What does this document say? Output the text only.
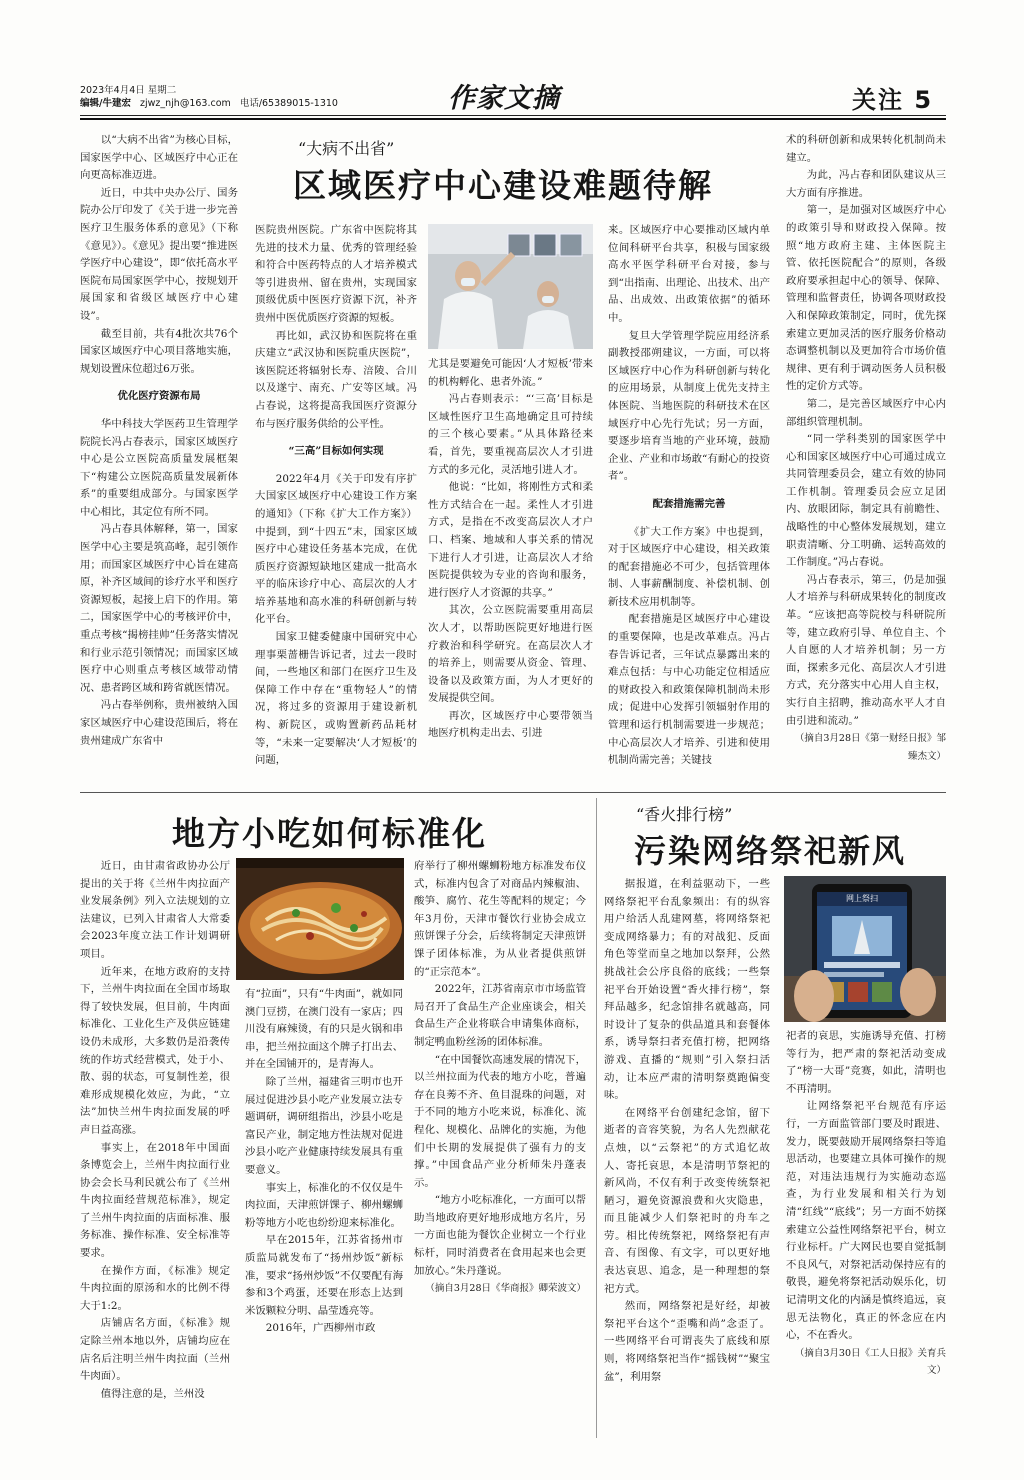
2023年4月4日 星期二
编辑/牛建宏 zjwz_njh@163.com 电话/65389015-1310	作家文摘	关注 5
“大病不出省”
区域医疗中心建设难题待解

以“大病不出省”为核心目标，国家医学中心、区域医疗中心正在向更高标准迈进。

近日，中共中央办公厅、国务院办公厅印发了《关于进一步完善医疗卫生服务体系的意见》（下称《意见》）。《意见》提出要“推进医学医疗中心建设”，即“依托高水平医院布局国家医学中心，按规划开展国家和省级区域医疗中心建设”。

截至目前，共有4批次共76个国家区域医疗中心项目落地实施，规划设置床位超过6万张。

优化医疗资源布局

华中科技大学医药卫生管理学院院长冯占春表示，国家区域医疗中心是公立医院高质量发展框架下“构建公立医院高质量发展新体系”的重要组成部分。与国家医学中心相比，其定位有所不同。

冯占春具体解释，第一，国家医学中心主要是筑高峰，起引领作用；而国家区域医疗中心旨在建高原，补齐区域间的诊疗水平和医疗资源短板，起接上启下的作用。第二，国家医学中心的考核评价中，重点考核“揭榜挂帅”任务落实情况和行业示范引领情况；而国家区域医疗中心则重点考核区域带动情况、患者跨区域和跨省就医情况。

冯占春举例称，贵州被纳入国家区域医疗中心建设范围后，将在贵州建成广东省中

医院贵州医院。广东省中医院将其先进的技术力量、优秀的管理经验和符合中医药特点的人才培养模式等引进贵州、留在贵州，实现国家顶级优质中医医疗资源下沉，补齐贵州中医优质医疗资源的短板。

再比如，武汉协和医院将在重庆建立“武汉协和医院重庆医院”，该医院还将辐射长寿、涪陵、合川以及遂宁、南充、广安等区域。冯占春说，这将提高我国医疗资源分布与医疗服务供给的公平性。

“三高”目标如何实现

2022年4月《关于印发有序扩大国家区域医疗中心建设工作方案的通知》（下称《扩大工作方案》）中提到，到“十四五”末，国家区域医疗中心建设任务基本完成，在优质医疗资源短缺地区建成一批高水平的临床诊疗中心、高层次的人才培养基地和高水准的科研创新与转化平台。

国家卫健委健康中国研究中心理事栗蔷栅告诉记者，过去一段时间，一些地区和部门在医疗卫生及保障工作中存在“重物轻人”的情况，将过多的资源用于建设新机构、新院区，或购置新药品耗材等，“未来一定要解决‘人才短板’的问题，

尤其是要避免可能因‘人才短板’带来的机构孵化、患者外流。”

冯占春则表示：“‘三高’目标是区域性医疗卫生高地确定且可持续的三个核心要素。”从具体路径来看，首先，要重视高层次人才引进方式的多元化，灵活地引进人才。

他说：“比如，将刚性方式和柔性方式结合在一起。柔性人才引进方式，是指在不改变高层次人才户口、档案、地域和人事关系的情况下进行人才引进，让高层次人才给医院提供较为专业的咨询和服务，进行医疗人才资源的共享。”

其次，公立医院需要重用高层次人才，以帮助医院更好地进行医疗救治和科学研究。在高层次人才的培养上，则需要从资金、管理、设备以及政策方面，为人才更好的发展提供空间。

再次，区域医疗中心要带领当地医疗机构走出去、引进

来。区域医疗中心要推动区域内单位间科研平台共享，积极与国家级高水平医学科研平台对接，参与到“出指南、出理论、出技术、出产品、出成效、出政策依据”的循环中。

复旦大学管理学院应用经济系副教授邵朔建议，一方面，可以将区域医疗中心作为科研创新与转化的应用场景，从制度上优先支持主体医院、当地医院的科研技术在区域医疗中心先行先试；另一方面，要逐步培育当地的产业环境，鼓励企业、产业和市场敢“有耐心的投资者”。

配套措施需完善

《扩大工作方案》中也提到，对于区域医疗中心建设，相关政策的配套措施必不可少，包括管理体制、人事薪酬制度、补偿机制、创新技术应用机制等。

配套措施是区域医疗中心建设的重要保障，也是改革难点。冯占春告诉记者，三年试点暴露出来的难点包括：与中心功能定位相适应的财政投入和政策保障机制尚未形成；促进中心发挥引领辐射作用的管理和运行机制需要进一步规范；中心高层次人才培养、引进和使用机制尚需完善；关键技

术的科研创新和成果转化机制尚未建立。

为此，冯占春和团队建议从三大方面有序推进。

第一，是加强对区域医疗中心的政策引导和财政投入保障。按照“地方政府主建、主体医院主管、依托医院配合”的原则，各级政府要承担起中心的领导、保障、管理和监督责任，协调各项财政投入和保障政策制定，同时，优先探索建立更加灵活的医疗服务价格动态调整机制以及更加符合市场价值规律、更有利于调动医务人员积极性的定价方式等。

第二，是完善区域医疗中心内部组织管理机制。

“同一学科类别的国家医学中心和国家区域医疗中心可通过成立共同管理委员会，建立有效的协同工作机制。管理委员会应立足团内、放眼团际，制定具有前瞻性、战略性的中心整体发展规划，建立职责清晰、分工明确、运转高效的工作制度。”冯占春说。

冯占春表示，第三，仍是加强人才培养与科研成果转化的制度改革。“应该把高等院校与科研院所等，建立政府引导、单位自主、个人自愿的人才培养机制；另一方面，探索多元化、高层次人才引进方式，充分落实中心用人自主权，实行自主招聘，推动高水平人才自由引进和流动。”

（摘自3月28日《第一财经日报》邹臻杰文）

地方小吃如何标准化

近日，由甘肃省政协办公厅提出的关于将《兰州牛肉拉面产业发展条例》列入立法规划的立法建议，已列入甘肃省人大常委会2023年度立法工作计划调研项目。

近年来，在地方政府的支持下，兰州牛肉拉面在全国市场取得了较快发展，但目前，牛肉面标准化、工业化生产及供应链建设仍未成形，大多数仍是沿袭传统的作坊式经营模式，处于小、散、弱的状态，可复制性差，很难形成规模化效应，为此，“立法”加快兰州牛肉拉面发展的呼声日益高涨。

事实上，在2018年中国面条博览会上，兰州牛肉拉面行业协会会长马利民就公布了《兰州牛肉拉面经营规范标准》，规定了兰州牛肉拉面的店面标准、服务标准、操作标准、安全标准等要求。

在操作方面，《标准》规定牛肉拉面的原汤和水的比例不得大于1:2。

店铺店名方面，《标准》规定除兰州本地以外，店铺均应在店名后注明兰州牛肉拉面（兰州牛肉面）。

值得注意的是，兰州没

有“拉面”，只有“牛肉面”，就如同澳门豆捞，在澳门没有一家店；四川没有麻辣烫，有的只是火锅和串串，把兰州拉面这个牌子打出去、并在全国铺开的，是青海人。

除了兰州，福建省三明市也开展过促进沙县小吃产业发展立法专题调研，调研组指出，沙县小吃是富民产业，制定地方性法规对促进沙县小吃产业健康持续发展具有重要意义。

事实上，标准化的不仅仅是牛肉拉面，天津煎饼馃子、柳州螺蛳粉等地方小吃也纷纷迎来标准化。

早在2015年，江苏省扬州市质监局就发布了“扬州炒饭”新标准，要求“扬州炒饭”不仅要配有海参和3个鸡蛋，还要在形态上达到米饭颗粒分明、晶莹透亮等。

2016年，广西柳州市政

府举行了柳州螺蛳粉地方标准发布仪式，标准内包含了对商品内辣椒油、酸笋、腐竹、花生等配料的规定；今年3月份，天津市餐饮行业协会成立煎饼馃子分会，后续将制定天津煎饼馃子团体标准，为从业者提供煎饼的“正宗范本”。

2022年，江苏省南京市市场监管局召开了食品生产企业座谈会，相关食品生产企业将联合申请集体商标，制定鸭血粉丝汤的团体标准。

“在中国餐饮高速发展的情况下，以兰州拉面为代表的地方小吃，普遍存在良莠不齐、鱼目混珠的问题，对于不同的地方小吃来说，标准化、流程化、规模化、品牌化的实施，为他们中长期的发展提供了强有力的支撑。”中国食品产业分析师朱丹蓬表示。

“地方小吃标准化，一方面可以帮助当地政府更好地形成地方名片，另一方面也能为餐饮企业树立一个行业标杆，同时消费者在食用起来也会更加放心。”朱丹蓬说。

（摘自3月28日《华商报》卿荣波文）

“香火排行榜”
污染网络祭祀新风

据报道，在利益驱动下，一些网络祭祀平台乱象频出：有的纵容用户给活人乱建网墓，将网络祭祀变成网络暴力；有的对战犯、反面角色等堂而皇之地加以祭拜，公然挑战社会公序良俗的底线；一些祭祀平台开始设置“香火排行榜”，祭拜品越多，纪念馆排名就越高，同时设计了复杂的供品道具和套餐体系，诱导祭扫者充值打榜，把网络游戏、直播的“规则”引入祭扫活动，让本应严肃的清明祭奠跑偏变味。

在网络平台创建纪念馆，留下逝者的音容笑貌，为名人先烈献花点烛，以“云祭祀”的方式追忆故人、寄托哀思，本是清明节祭祀的新风尚，不仅有利于改变传统祭祀陋习，避免资源浪费和火灾隐患，而且能减少人们祭祀时的舟车之劳。相比传统祭祀，网络祭祀有声音、有图像、有文字，可以更好地表达哀思、追念，是一种理想的祭祀方式。

然而，网络祭祀是好经，却被祭祀平台这个“歪嘴和尚”念歪了。一些网络平台可谓丧失了底线和原则，将网络祭祀当作“摇钱树”“聚宝盆”，利用祭

网上祭扫

祀者的哀思，实施诱导充值、打榜等行为，把严肃的祭祀活动变成了“榜一大哥”竞赛，如此，清明也不再清明。

让网络祭祀平台规范有序运行，一方面监管部门要及时跟进、发力，既要鼓励开展网络祭扫等追思活动，也要建立具体可操作的规范，对违法违规行为实施动态巡查，为行业发展和相关行为划清“红线”“底线”；另一方面不妨探索建立公益性网络祭祀平台，树立行业标杆。广大网民也要自觉抵制不良风气，对祭祀活动保持应有的敬畏，避免将祭祀活动娱乐化，切记清明文化的内涵是慎终追远，哀思无法物化，真正的怀念应在内心，不在香火。

（摘自3月30日《工人日报》关育兵文）
